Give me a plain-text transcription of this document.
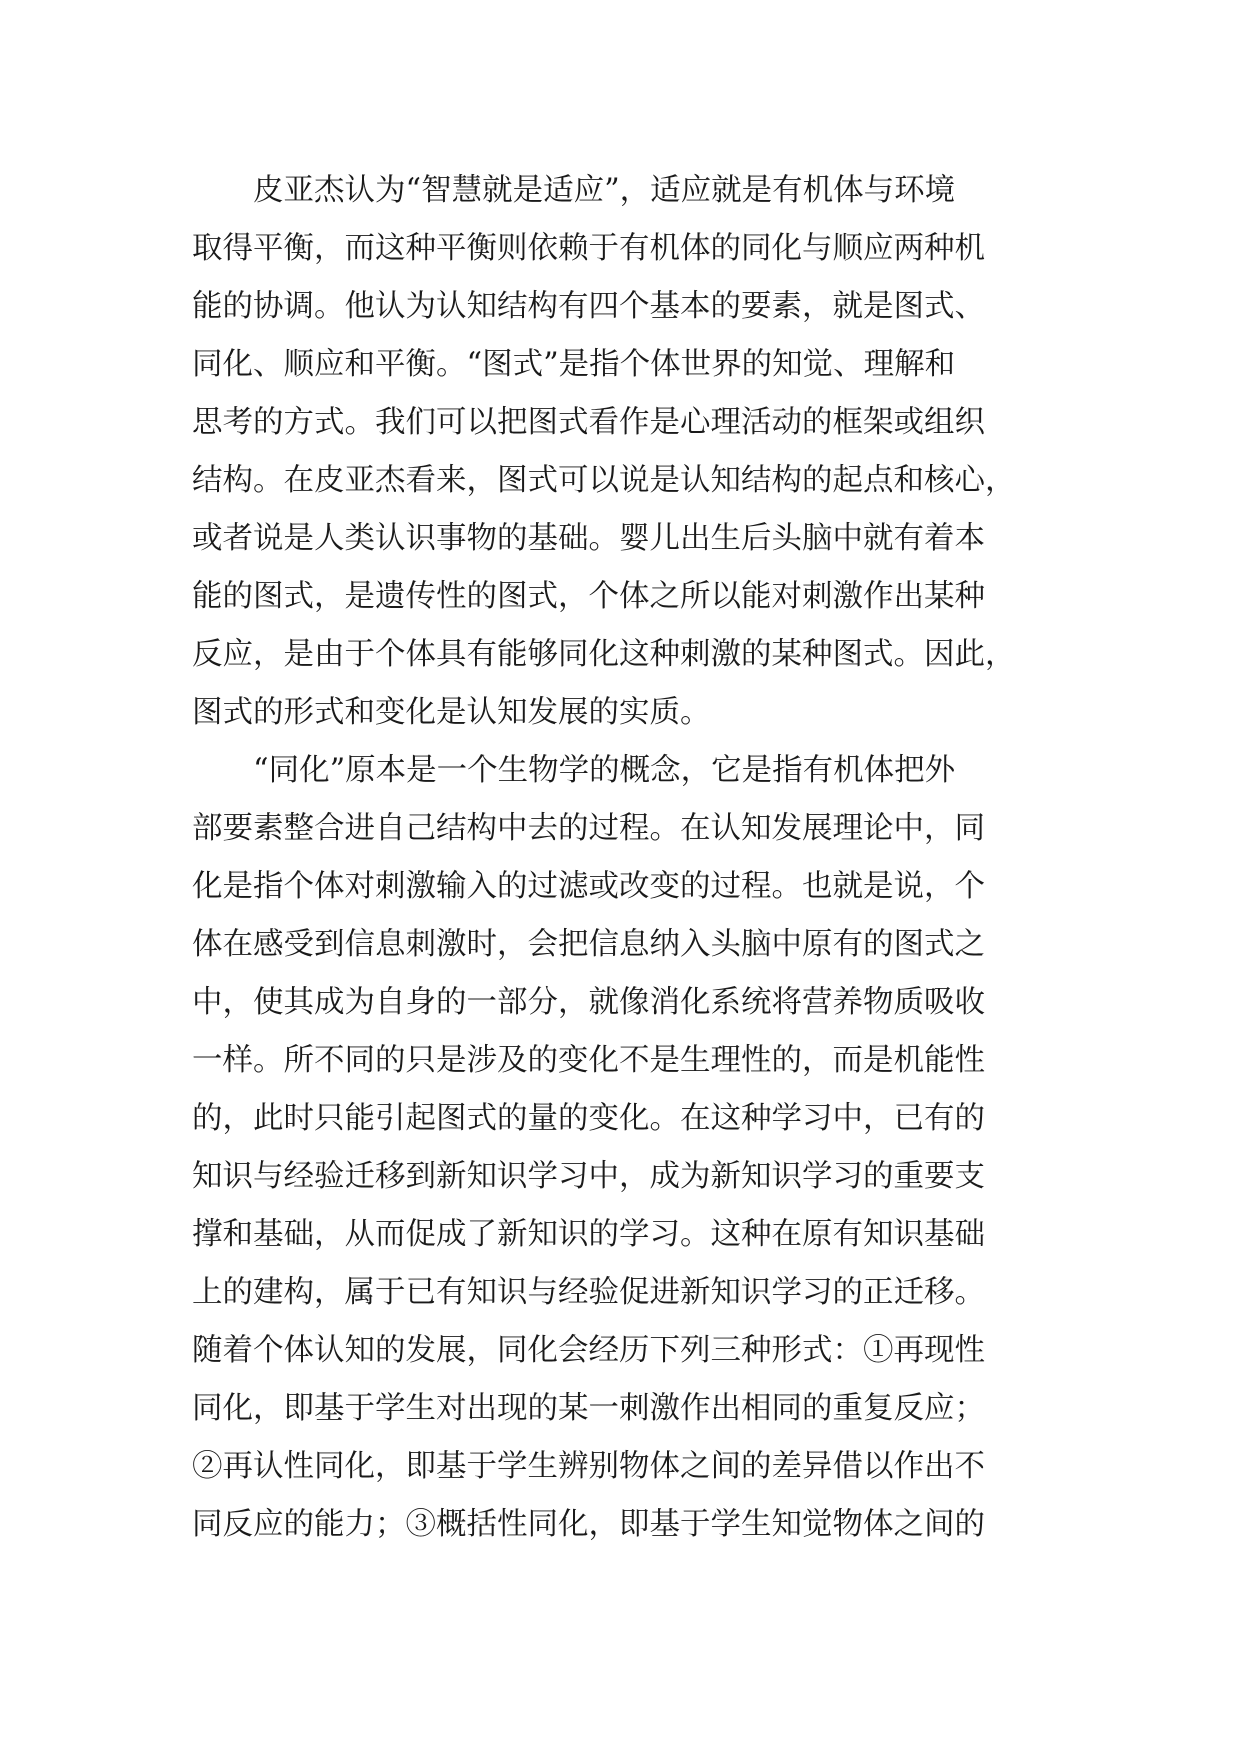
　　皮亚杰认为“智慧就是适应”，适应就是有机体与环境
取得平衡，而这种平衡则依赖于有机体的同化与顺应两种机
能的协调。他认为认知结构有四个基本的要素，就是图式、
同化、顺应和平衡。“图式”是指个体世界的知觉、理解和
思考的方式。我们可以把图式看作是心理活动的框架或组织
结构。在皮亚杰看来，图式可以说是认知结构的起点和核心，
或者说是人类认识事物的基础。婴儿出生后头脑中就有着本
能的图式，是遗传性的图式，个体之所以能对刺激作出某种
反应，是由于个体具有能够同化这种刺激的某种图式。因此，
图式的形式和变化是认知发展的实质。
　　“同化”原本是一个生物学的概念，它是指有机体把外
部要素整合进自己结构中去的过程。在认知发展理论中，同
化是指个体对刺激输入的过滤或改变的过程。也就是说，个
体在感受到信息刺激时，会把信息纳入头脑中原有的图式之
中，使其成为自身的一部分，就像消化系统将营养物质吸收
一样。所不同的只是涉及的变化不是生理性的，而是机能性
的，此时只能引起图式的量的变化。在这种学习中，已有的
知识与经验迁移到新知识学习中，成为新知识学习的重要支
撑和基础，从而促成了新知识的学习。这种在原有知识基础
上的建构，属于已有知识与经验促进新知识学习的正迁移。
随着个体认知的发展，同化会经历下列三种形式：①再现性
同化，即基于学生对出现的某一刺激作出相同的重复反应；
②再认性同化，即基于学生辨别物体之间的差异借以作出不
同反应的能力；③概括性同化，即基于学生知觉物体之间的
